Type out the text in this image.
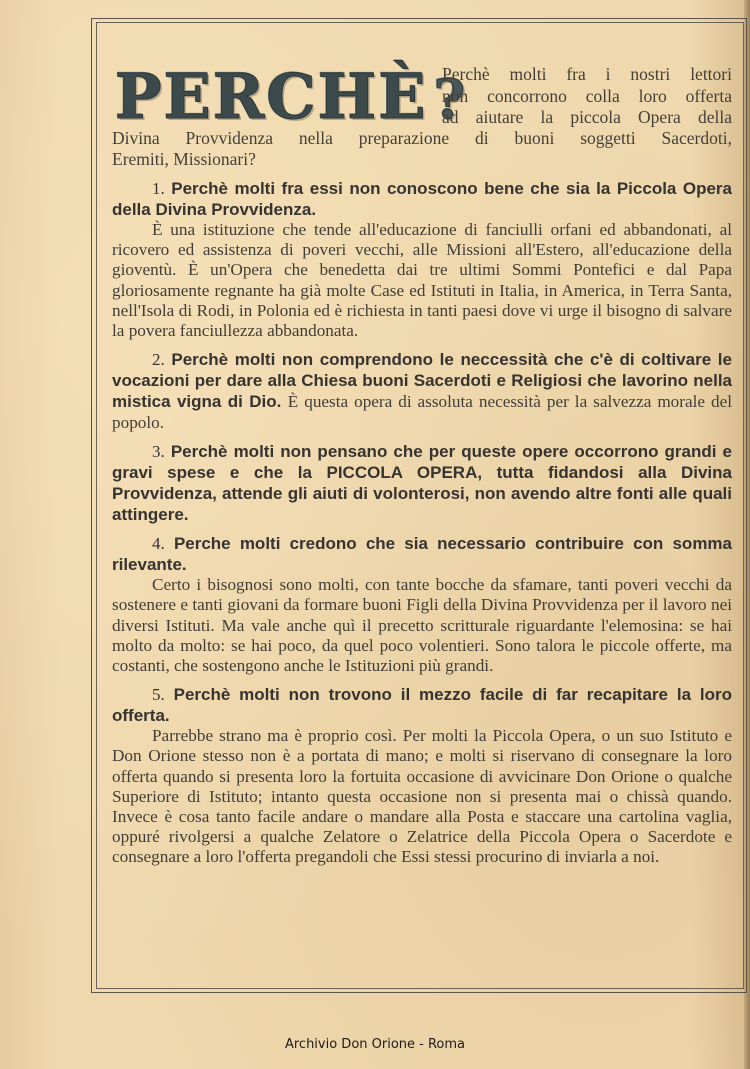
PERCHÈ ?
Perchè molti fra i nostri lettori
non concorrono colla loro offerta
ad aiutare la piccola Opera della
Divina Provvidenza nella preparazione di buoni soggetti Sacerdoti,
Eremiti, Missionari?
1. Perchè molti fra essi non conoscono bene che sia la Piccola Opera della Divina Provvidenza.
È una istituzione che tende all'educazione di fanciulli orfani ed abbandonati, al ricovero ed assistenza di poveri vecchi, alle Missioni all'Estero, all'educazione della gioventù. È un'Opera che benedetta dai tre ultimi Sommi Pontefici e dal Papa gloriosamente regnante ha già molte Case ed Istituti in Italia, in America, in Terra Santa, nell'Isola di Rodi, in Polonia ed è richiesta in tanti paesi dove vi urge il bisogno di salvare la povera fanciullezza abbandonata.
2. Perchè molti non comprendono le neccessità che c'è di coltivare le vocazioni per dare alla Chiesa buoni Sacerdoti e Religiosi che lavorino nella mistica vigna di Dio. È questa opera di assoluta necessità per la salvezza morale del popolo.
3. Perchè molti non pensano che per queste opere occorrono grandi e gravi spese e che la PICCOLA OPERA, tutta fidandosi alla Divina Provvidenza, attende gli aiuti di volonterosi, non avendo altre fonti alle quali attingere.
4. Perche molti credono che sia necessario contribuire con somma rilevante.
Certo i bisognosi sono molti, con tante bocche da sfamare, tanti poveri vecchi da sostenere e tanti giovani da formare buoni Figli della Divina Provvidenza per il lavoro nei diversi Istituti. Ma vale anche quì il precetto scritturale riguardante l'elemosina: se hai molto da molto: se hai poco, da quel poco volentieri. Sono talora le piccole offerte, ma costanti, che sostengono anche le Istituzioni più grandi.
5. Perchè molti non trovono il mezzo facile di far recapitare la loro offerta.
Parrebbe strano ma è proprio così. Per molti la Piccola Opera, o un suo Istituto e Don Orione stesso non è a portata di mano; e molti si riservano di consegnare la loro offerta quando si presenta loro la fortuita occasione di avvicinare Don Orione o qualche Superiore di Istituto; intanto questa occasione non si presenta mai o chissà quando. Invece è cosa tanto facile andare o mandare alla Posta e staccare una cartolina vaglia, oppuré rivolgersi a qualche Zelatore o Zelatrice della Piccola Opera o Sacerdote e consegnare a loro l'offerta pregandoli che Essi stessi procurino di inviarla a noi.
Archivio Don Orione - Roma
